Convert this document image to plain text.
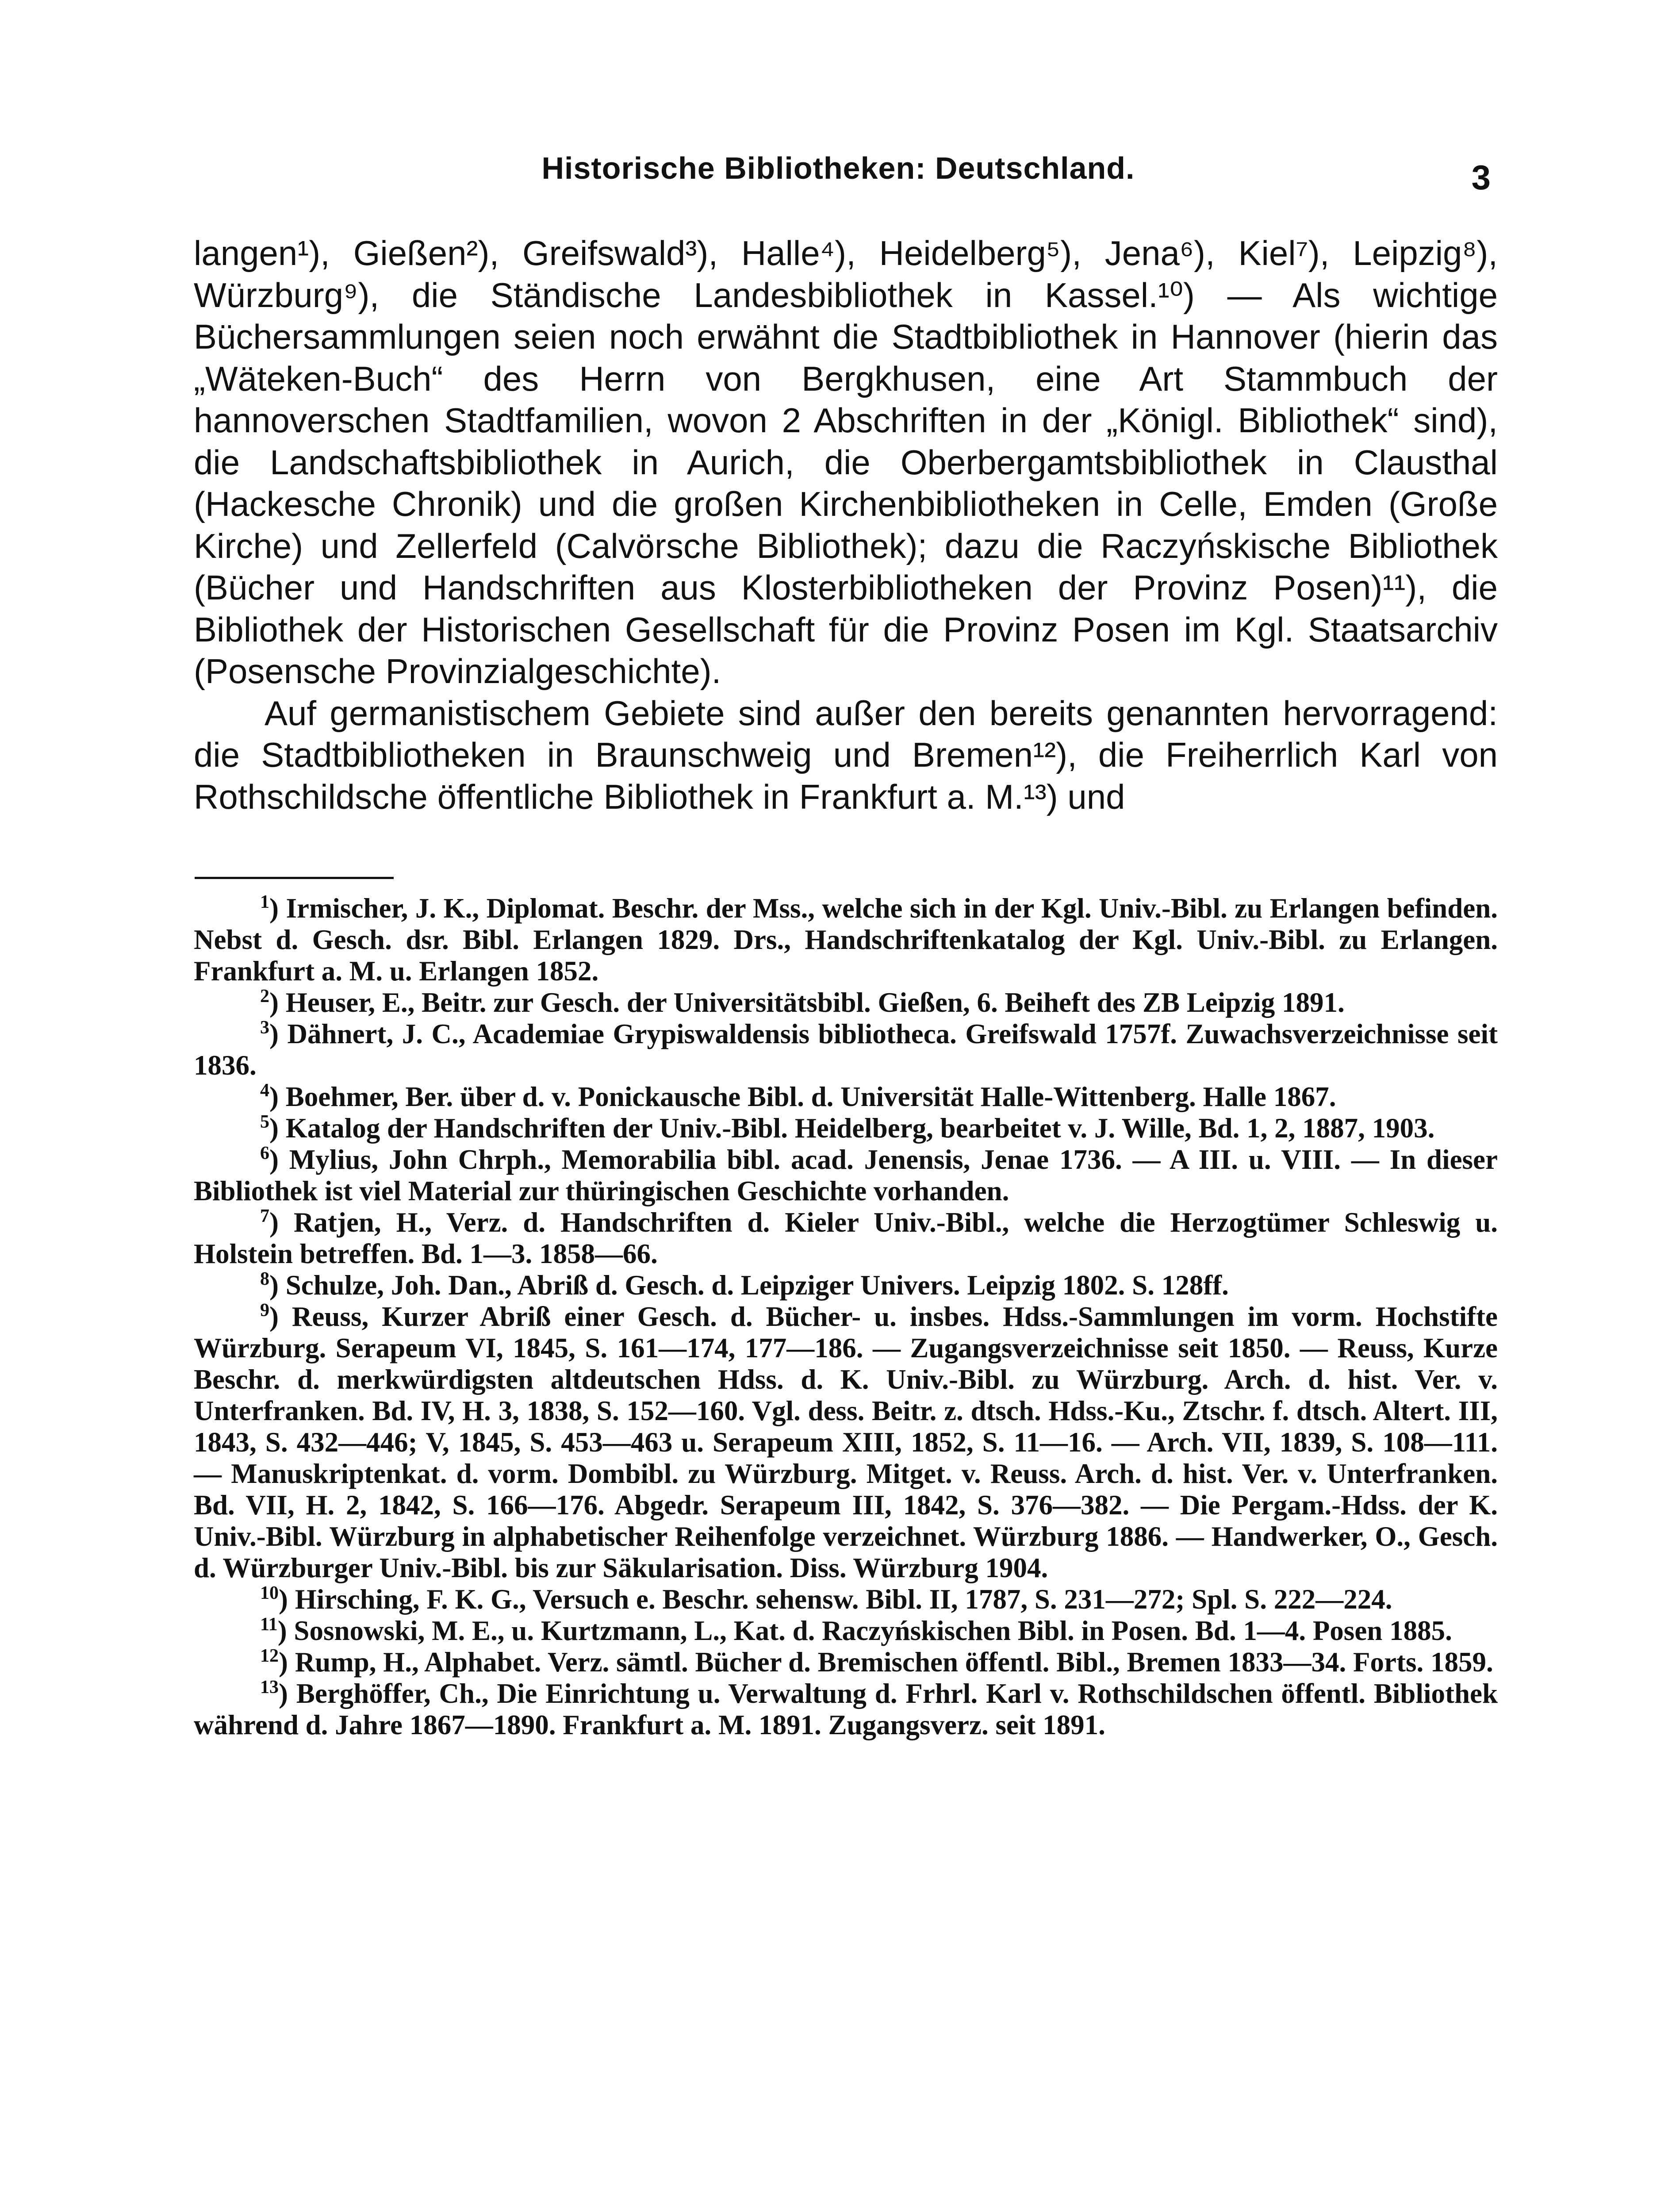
Historische Bibliotheken: Deutschland.	3

langen¹), Gießen²), Greifswald³), Halle⁴), Heidelberg⁵), Jena⁶), Kiel⁷), Leipzig⁸), Würzburg⁹), die Ständische Landesbibliothek in Kassel.¹⁰) — Als wichtige Büchersammlungen seien noch erwähnt die Stadtbibliothek in Hannover (hierin das „Wäteken-Buch“ des Herrn von Bergkhusen, eine Art Stammbuch der hannoverschen Stadtfamilien, wovon 2 Abschriften in der „Königl. Bibliothek“ sind), die Landschaftsbibliothek in Aurich, die Oberbergamtsbibliothek in Clausthal (Hackesche Chronik) und die großen Kirchenbibliotheken in Celle, Emden (Große Kirche) und Zellerfeld (Calvörsche Bibliothek); dazu die Raczyńskische Bibliothek (Bücher und Handschriften aus Klosterbibliotheken der Provinz Posen)¹¹), die Bibliothek der Historischen Gesellschaft für die Provinz Posen im Kgl. Staatsarchiv (Posensche Provinzialgeschichte).

Auf germanistischem Gebiete sind außer den bereits genannten hervorragend: die Stadtbibliotheken in Braunschweig und Bremen¹²), die Freiherrlich Karl von Rothschildsche öffentliche Bibliothek in Frankfurt a. M.¹³) und

$^1$) Irmischer, J. K., Diplomat. Beschr. der Mss., welche sich in der Kgl. Univ.-Bibl. zu Erlangen befinden. Nebst d. Gesch. dsr. Bibl. Erlangen 1829. Drs., Handschriftenkatalog der Kgl. Univ.-Bibl. zu Erlangen. Frankfurt a. M. u. Erlangen 1852.

$^2$) Heuser, E., Beitr. zur Gesch. der Universitätsbibl. Gießen, 6. Beiheft des ZB Leipzig 1891.

$^3$) Dähnert, J. C., Academiae Grypiswaldensis bibliotheca. Greifswald 1757f. Zuwachsverzeichnisse seit 1836.

$^4$) Boehmer, Ber. über d. v. Ponickausche Bibl. d. Universität Halle-Wittenberg. Halle 1867.

$^5$) Katalog der Handschriften der Univ.-Bibl. Heidelberg, bearbeitet v. J. Wille, Bd. 1, 2, 1887, 1903.

$^6$) Mylius, John Chrph., Memorabilia bibl. acad. Jenensis, Jenae 1736. — A III. u. VIII. — In dieser Bibliothek ist viel Material zur thüringischen Geschichte vorhanden.

$^7$) Ratjen, H., Verz. d. Handschriften d. Kieler Univ.-Bibl., welche die Herzogtümer Schleswig u. Holstein betreffen. Bd. 1—3. 1858—66.

$^8$) Schulze, Joh. Dan., Abriß d. Gesch. d. Leipziger Univers. Leipzig 1802. S. 128ff.

$^9$) Reuss, Kurzer Abriß einer Gesch. d. Bücher- u. insbes. Hdss.-Sammlungen im vorm. Hochstifte Würzburg. Serapeum VI, 1845, S. 161—174, 177—186. — Zugangsverzeichnisse seit 1850. — Reuss, Kurze Beschr. d. merkwürdigsten altdeutschen Hdss. d. K. Univ.-Bibl. zu Würzburg. Arch. d. hist. Ver. v. Unterfranken. Bd. IV, H. 3, 1838, S. 152—160. Vgl. dess. Beitr. z. dtsch. Hdss.-Ku., Ztschr. f. dtsch. Altert. III, 1843, S. 432—446; V, 1845, S. 453—463 u. Serapeum XIII, 1852, S. 11—16. — Arch. VII, 1839, S. 108—111. — Manuskriptenkat. d. vorm. Dombibl. zu Würzburg. Mitget. v. Reuss. Arch. d. hist. Ver. v. Unterfranken. Bd. VII, H. 2, 1842, S. 166—176. Abgedr. Serapeum III, 1842, S. 376—382. — Die Pergam.-Hdss. der K. Univ.-Bibl. Würzburg in alphabetischer Reihenfolge verzeichnet. Würzburg 1886. — Handwerker, O., Gesch. d. Würzburger Univ.-Bibl. bis zur Säkularisation. Diss. Würzburg 1904.

$^{10}$) Hirsching, F. K. G., Versuch e. Beschr. sehensw. Bibl. II, 1787, S. 231—272; Spl. S. 222—224.

$^{11}$) Sosnowski, M. E., u. Kurtzmann, L., Kat. d. Raczyńskischen Bibl. in Posen. Bd. 1—4. Posen 1885.

$^{12}$) Rump, H., Alphabet. Verz. sämtl. Bücher d. Bremischen öffentl. Bibl., Bremen 1833—34. Forts. 1859.

$^{13}$) Berghöffer, Ch., Die Einrichtung u. Verwaltung d. Frhrl. Karl v. Rothschildschen öffentl. Bibliothek während d. Jahre 1867—1890. Frankfurt a. M. 1891. Zugangsverz. seit 1891.
